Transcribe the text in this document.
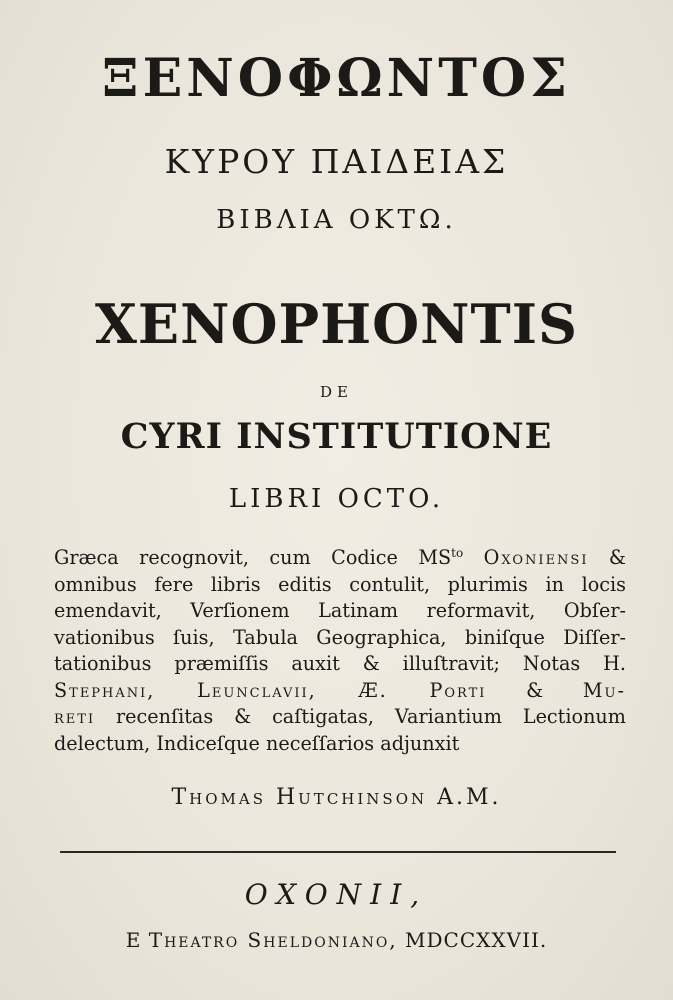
ΞΕΝΟΦΩΝΤΟΣ
ΚΥΡΟΥ ΠΑΙΔΕΙΑΣ
ΒΙΒΛΙΑ ΟΚΤΩ.
XENOPHONTIS
DE
CYRI INSTITUTIONE
LIBRI OCTO.
Græca recognovit, cum Codice $MS^{to}$ Oxoniensi &
omnibus fere libris editis contulit, plurimis in locis
emendavit, Verſionem Latinam reformavit, Obſer-
vationibus ſuis, Tabula Geographica, biniſque Diſſer-
tationibus præmiſſis auxit & illuſtravit; Notas H.
Stephani, Leunclavii, Æ. Porti & Mu-
reti recenſitas & caſtigatas, Variantium Lectionum
delectum, Indiceſque neceſſarios adjunxit
Thomas Hutchinson A.M.
OXONII,
E Theatro Sheldoniano, MDCCXXVII.
